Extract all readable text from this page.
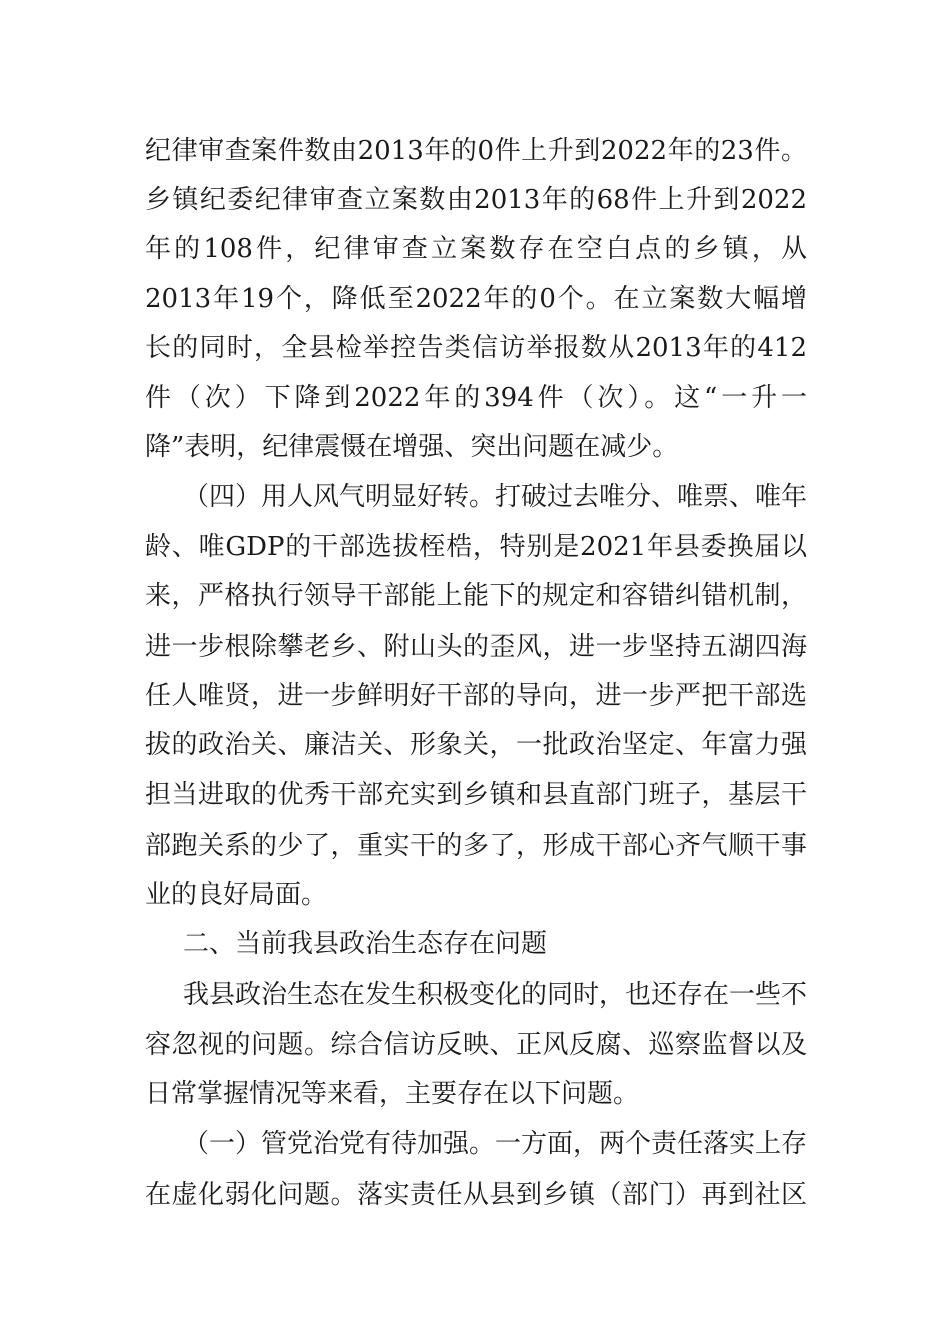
纪律审查案件数由2013年的0件上升到2022年的23件。
乡镇纪委纪律审查立案数由2013年的68件上升到2022
年的108件，纪律审查立案数存在空白点的乡镇，从
2013年19个，降低至2022年的0个。在立案数大幅增
长的同时，全县检举控告类信访举报数从2013年的412
件（次）下降到2022年的394件（次）。这“一升一
降”表明，纪律震慑在增强、突出问题在减少。
（四）用人风气明显好转。打破过去唯分、唯票、唯年
龄、唯GDP的干部选拔桎梏，特别是2021年县委换届以
来，严格执行领导干部能上能下的规定和容错纠错机制，
进一步根除攀老乡、附山头的歪风，进一步坚持五湖四海
任人唯贤，进一步鲜明好干部的导向，进一步严把干部选
拔的政治关、廉洁关、形象关，一批政治坚定、年富力强
担当进取的优秀干部充实到乡镇和县直部门班子，基层干
部跑关系的少了，重实干的多了，形成干部心齐气顺干事
业的良好局面。
二、当前我县政治生态存在问题
我县政治生态在发生积极变化的同时，也还存在一些不
容忽视的问题。综合信访反映、正风反腐、巡察监督以及
日常掌握情况等来看，主要存在以下问题。
（一）管党治党有待加强。一方面，两个责任落实上存
在虚化弱化问题。落实责任从县到乡镇（部门）再到社区
